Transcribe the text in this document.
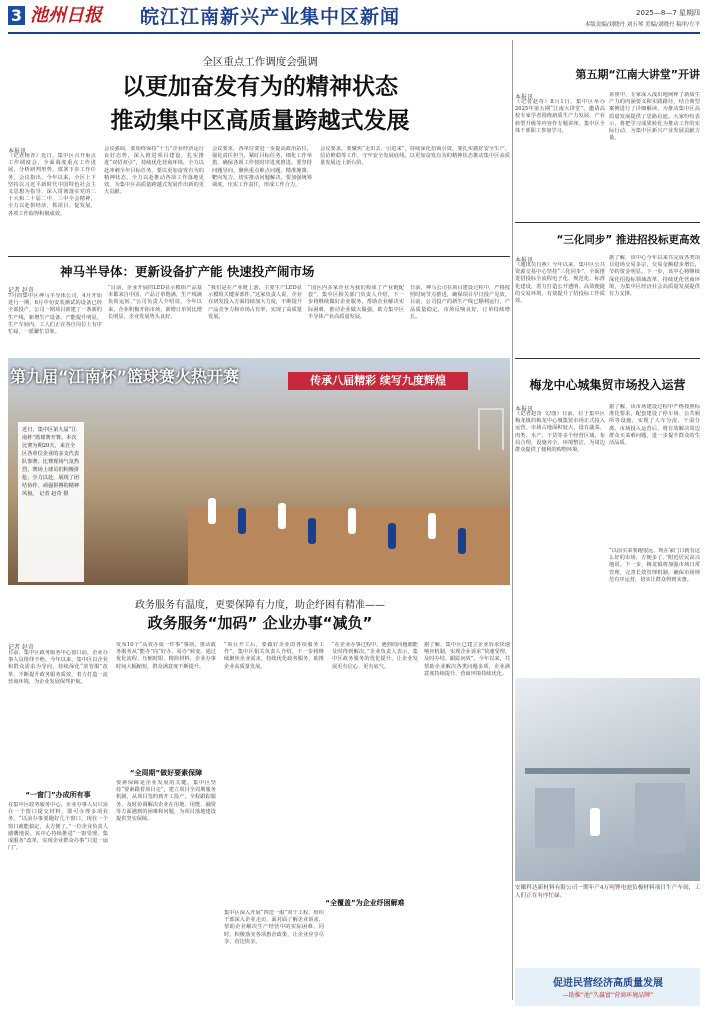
3 池州日报	皖江江南新兴产业集中区新闻	2025—8—7 星期四
本版责编/刘晓丹 刘五琴 美编/刘晓丹 稿审/左平
全区重点工作调度会强调
以更加奋发有为的精神状态
推动集中区高质量跨越式发展
本报讯
（记者杨青）近日，集中区召开重点工作调度会，全面调度重点工作进展，分析研判形势，部署下步工作任务。会议指出，今年以来，全区上下坚持以习近平新时代中国特色社会主义思想为指导，深入贯彻落实党的二十大和二十届二中、三中全会精神，全力以赴拼经济、抓项目、促发展，各项工作取得积极成效。
会议强调，要始终保持“十五”企业经济运行良好态势，深入推进项目建设，扎实推进“双招双引”，持续优化营商环境，全力以赴冲刺全年目标任务。要以更加奋发有为的精神状态，全力以赴推动各项工作落地见效，为集中区高质量跨越式发展作出新的更大贡献。
会议要求，各单位要进一步提高政治站位，强化责任担当，紧盯目标任务，细化工作举措，确保各项工作按时序进度推进。要坚持问题导向，聚焦重点难点问题，精准施策、靶向发力，切实推动问题解决。要加强统筹调度，压实工作责任，形成工作合力。
会议要求，要聚焦“走出去、引进来”，持续深化招商引资。要扎实做好安全生产、信访维稳等工作，守牢安全发展底线，以更加奋发有为的精神状态推动集中区高质量发展迈上新台阶。
第五期“江南大讲堂”开讲
本报讯
（记者赵奇）8月1日，集中区举办2025年第五期“江南大讲堂”。邀请高校专家学者围绕新质生产力发展、产业转型升级等内容作专题讲座。集中区全体干部职工参加学习。
讲座中，专家深入浅出地阐释了新质生产力的内涵要义和实践路径，结合典型案例进行了详细解读，为推动集中区高质量发展提供了思路启迪。大家纷纷表示，将把学习成果转化为推动工作的实际行动，为集中区新兴产业发展贡献力量。
神马半导体：更新设备扩产能 快速投产闹市场
记者 赵奇
7月的集中区神马半导体公司，4月开始进行一期、6月中旬安装测试的设备已经全部投产。公司一期项目新建了一条新的生产线，新增生产设备，产能提升明显。生产车间内，工人们正在各自岗位上有序忙碌，一派繁忙景象。
“目前，企业开展的LED显示模组产品基本都来自中国，产品订单饱满，生产线满负荷运转。”公司负责人介绍说，今年以来，企业积极开拓市场，新增订单同比增长明显，企业发展势头良好。
“我们是在产业链上游，主要生产LED显示模组关键零部件。”这家负责人说，企业在研发投入方面持续加大力度，不断提升产品竞争力和市场占有率，实现了高质量发展。
“国区内多家企业为我们构成了产业链配套”，集中区相关部门负责人介绍，下一步将继续做好企业服务，帮助企业解决实际困难，推动企业做大做强，助力集中区半导体产业高质量发展。
日前，神马公司在项目建设过程中，严格按照时间节点推进，确保项目早日投产见效。目前，公司投产的新生产线已顺利运行，产品质量稳定，市场反响良好，订单持续增长。
“三化同步” 推进招投标更高效
本报讯
（通讯员肖燕）今年以来，集中区公共资源交易中心坚持“三化同步”，全面推进招投标全流程电子化、规范化、标准化建设，着力打造公开透明、高效便捷的交易环境，有效提升了招投标工作质效。
据了解，该中心今年以来共完成各类项目进场交易多宗，交易金额稳步增长，节约资金明显。下一步，该中心将继续深化招投标领域改革，持续优化营商环境，为集中区经济社会高质量发展提供有力支撑。
传承八届精彩 续写九度辉煌
第九届“江南杯”篮球赛火热开赛
近日，集中区第九届“江南杯”篮球赛开赛。本次比赛为期20天，来自全区各单位企业的多支代表队参赛。比赛现场气氛热烈，赛场上球员们积极拼抢、全力以赴，展现了团结协作、顽强拼搏的精神风貌。 记者 赵奇 摄
梅龙中心城集贸市场投入运营
本报讯
（记者赵奇 文/图）日前，位于集中区梅龙镇的梅龙中心城集贸市场正式投入运营。市场占地面积较大，设有蔬菜、肉类、水产、干货等多个经营区域，布局合理，设施齐全，环境整洁，为周边群众提供了便利的购物环境。
据了解，该市场建设过程中严格按照标准化要求，配套建设了停车场、公共厕所等设施，实现了人车分流、干湿分离。市场投入运营后，将有效解决周边群众买菜难问题，进一步提升群众的生活品质。
“以前买菜要跑很远，现在家门口就有这么好的市场，方便多了。”附近居民高兴地说。下一步，梅龙镇将加强市场日常管理，完善长效管理机制，确保市场规范有序运营，切实让群众得到实惠。
安徽科达新材料有限公司一期年产4万吨锂电池负极材料项目生产车间，工人们正在有序忙碌。
促进民营经济高质量发展
—助推“池”久赢富“营商环境品牌”
政务服务有温度，更要保障有力度，助企纾困有精准——
政务服务“加码” 企业办事“减负”
记者 赵奇
日前，集中区政务服务中心窗口前，企业办事人员络绎不绝。今年以来，集中区以企业和群众需求为导向，持续深化“放管服”改革，不断提升政务服务质效，着力打造一流营商环境，为企业发展保驾护航。
“一窗门”办成所有事
在集中区政务服务中心，企业办事人员只需在一个窗口提交材料，即可办理多项业务。“以前办事要跑好几个窗口，现在一个窗口就能搞定，太方便了。”一位企业负责人感慨地说。该中心持续推进“一窗受理、集成服务”改革，实现企业群众办事“只进一扇门”。
发布10个“高效办成一件事”事项，推动政务服务从“能办”向“好办、易办”转变。通过优化流程、压缩时限、精简材料，企业办事时间大幅缩短，群众满意度不断提升。
“全周期”做好要素保障
要素保障是企业发展的关键。集中区坚持“要素跟着项目走”，建立项目全周期服务机制，从项目签约到开工投产，全程跟踪服务，及时协调解决企业在用地、用能、融资等方面遇到的困难和问题，为项目落地建设提供坚实保障。
“项目开工后，要做好企业的各项服务工作”，集中区相关负责人介绍，下一步将继续聚焦企业需求，持续优化政务服务，助推企业高质量发展。
“全覆盖”为企业纾困解难
集中区深入开展“四送一服”双千工程，组织干部深入企业走访，面对面了解企业诉求，帮助企业解决生产经营中的实际困难。同时，积极落实各项惠企政策，让企业应享尽享、直达快享。
“在企业办事过程中，遇到的问题都能及时得到解决。”企业负责人表示，集中区政务服务的优化提升，让企业发展更有信心、更有底气。
据了解，集中区已建立企业诉求快速响应机制，实现企业诉求“快速受理、及时办结、跟踪问效”。今年以来，共帮助企业解决各类问题多项，企业满意度持续提升，营商环境持续优化。
